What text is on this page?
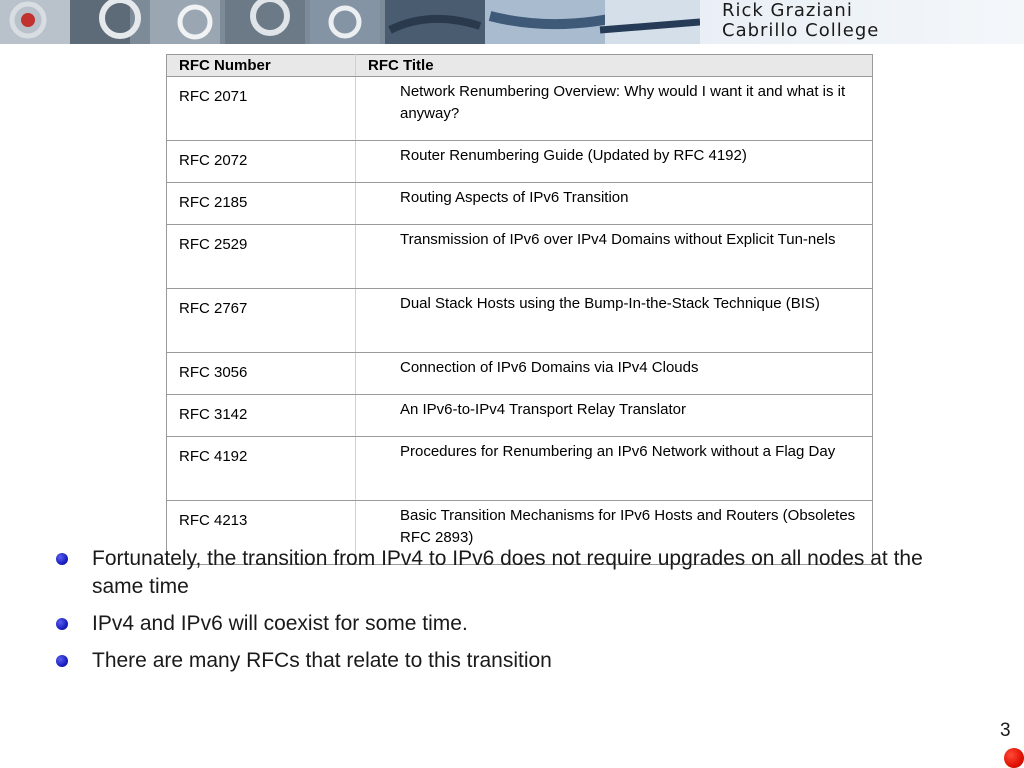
Rick Graziani
Cabrillo College
RFC Number	RFC Title
RFC 2071	Network Renumbering Overview: Why would I want it and what is it anyway?
RFC 2072	Router Renumbering Guide (Updated by RFC 4192)
RFC 2185	Routing Aspects of IPv6 Transition
RFC 2529	Transmission of IPv6 over IPv4 Domains without Explicit Tun-nels
RFC 2767	Dual Stack Hosts using the Bump-In-the-Stack Technique (BIS)
RFC 3056	Connection of IPv6 Domains via IPv4 Clouds
RFC 3142	An IPv6-to-IPv4 Transport Relay Translator
RFC 4192	Procedures for Renumbering an IPv6 Network without a Flag Day
RFC 4213	Basic Transition Mechanisms for IPv6 Hosts and Routers (Obsoletes RFC 2893)
Fortunately, the transition from IPv4 to IPv6 does not require upgrades on all nodes at the same time
IPv4 and IPv6 will coexist for some time.
There are many RFCs that relate to this transition
3
